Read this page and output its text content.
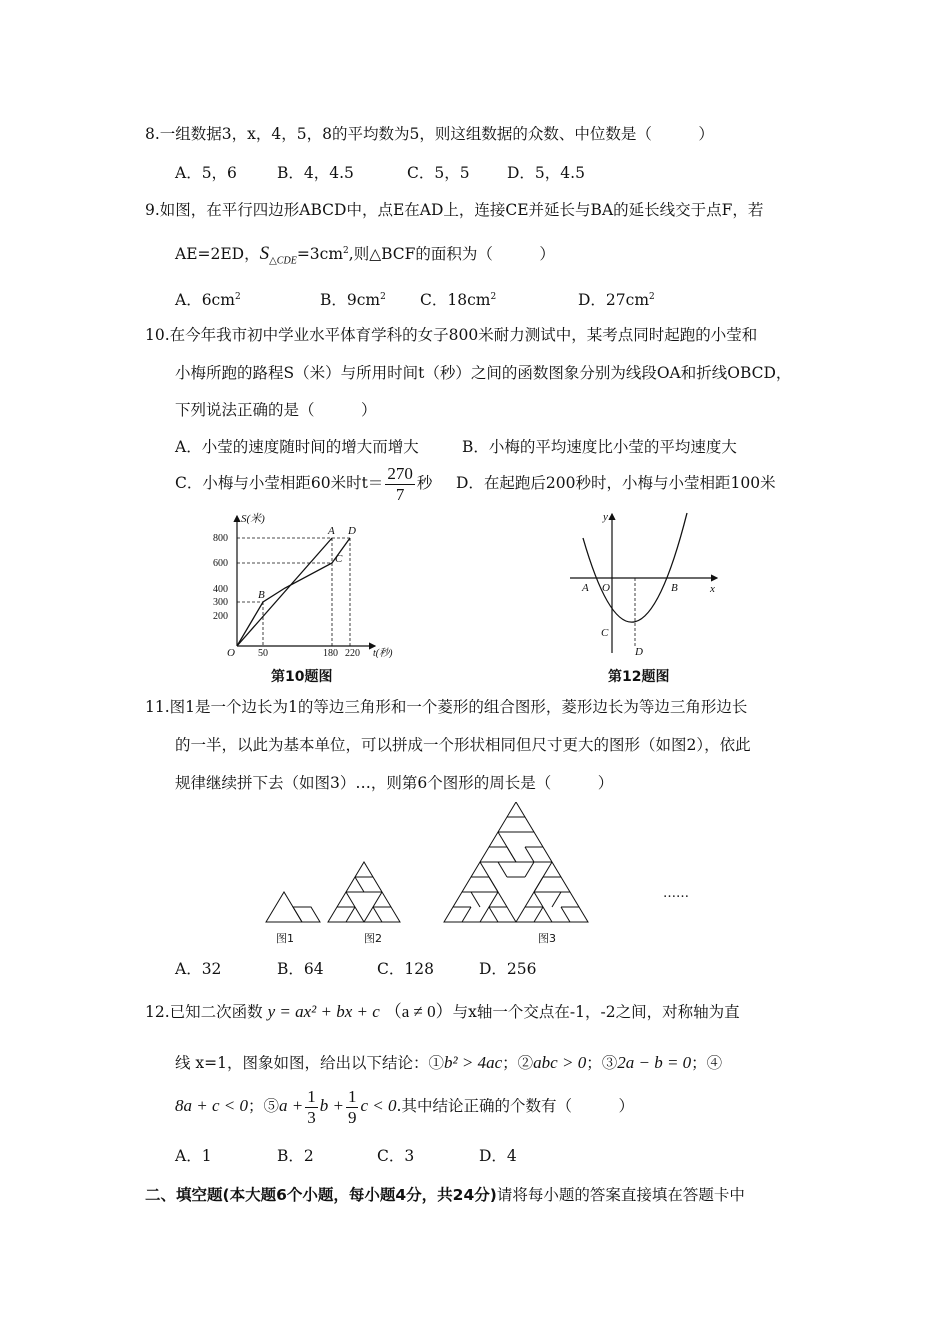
8.一组数据3，x，4，5，8的平均数为5，则这组数据的众数、中位数是（　　　）
A．5，6	B．4，4.5	C．5，5 D．5，4.5
9.如图，在平行四边形ABCD中，点E在AD上，连接CE并延长与BA的延长线交于点F，若
AE=2ED，$S_{\triangle CDE}=3cm^2$,则△BCF的面积为（　　　）
A．$6cm^2$	B．$9cm^2$ C．$18cm^2$	D．$27cm^2$
10.在今年我市初中学业水平体育学科的女子800米耐力测试中，某考点同时起跑的小莹和
小梅所跑的路程S（米）与所用时间t（秒）之间的函数图象分别为线段OA和折线OBCD，
下列说法正确的是（　　　）
A．小莹的速度随时间的增大而增大	B．小梅的平均速度比小莹的平均速度大
C．小梅与小莹相距60米时$t= \frac{270}{7}$ 秒 D．在起跑后200秒时，小梅与小莹相距100米
800
600
400
300
200
50	180 220
S(米)
t(秒)
A D
C
B
O
第10题图
y
x
A O	B
C
D
第12题图
11.图1是一个边长为1的等边三角形和一个菱形的组合图形，菱形边长为等边三角形边长
的一半，以此为基本单位，可以拼成一个形状相同但尺寸更大的图形（如图2），依此
规律继续拼下去（如图3）…，则第6个图形的周长是（　　　）
图1	图2	图3
……
A．32	B．64	C．128	D．256
12.已知二次函数 y = ax² + bx + c （a ≠ 0）与x轴一个交点在-1，-2之间，对称轴为直
线 x=1，图象如图，给出以下结论：①b² > 4ac；②abc > 0；③2a − b = 0；④
8a + c < 0；⑤a + $\frac{1}{3}$ $b + \frac{1}{9}$ c < 0.其中结论正确的个数有（　　　）
A．1	B．2	C．3	D．4
二、填空题(本大题6个小题，每小题4分，共24分)请将每小题的答案直接填在答题卡中
